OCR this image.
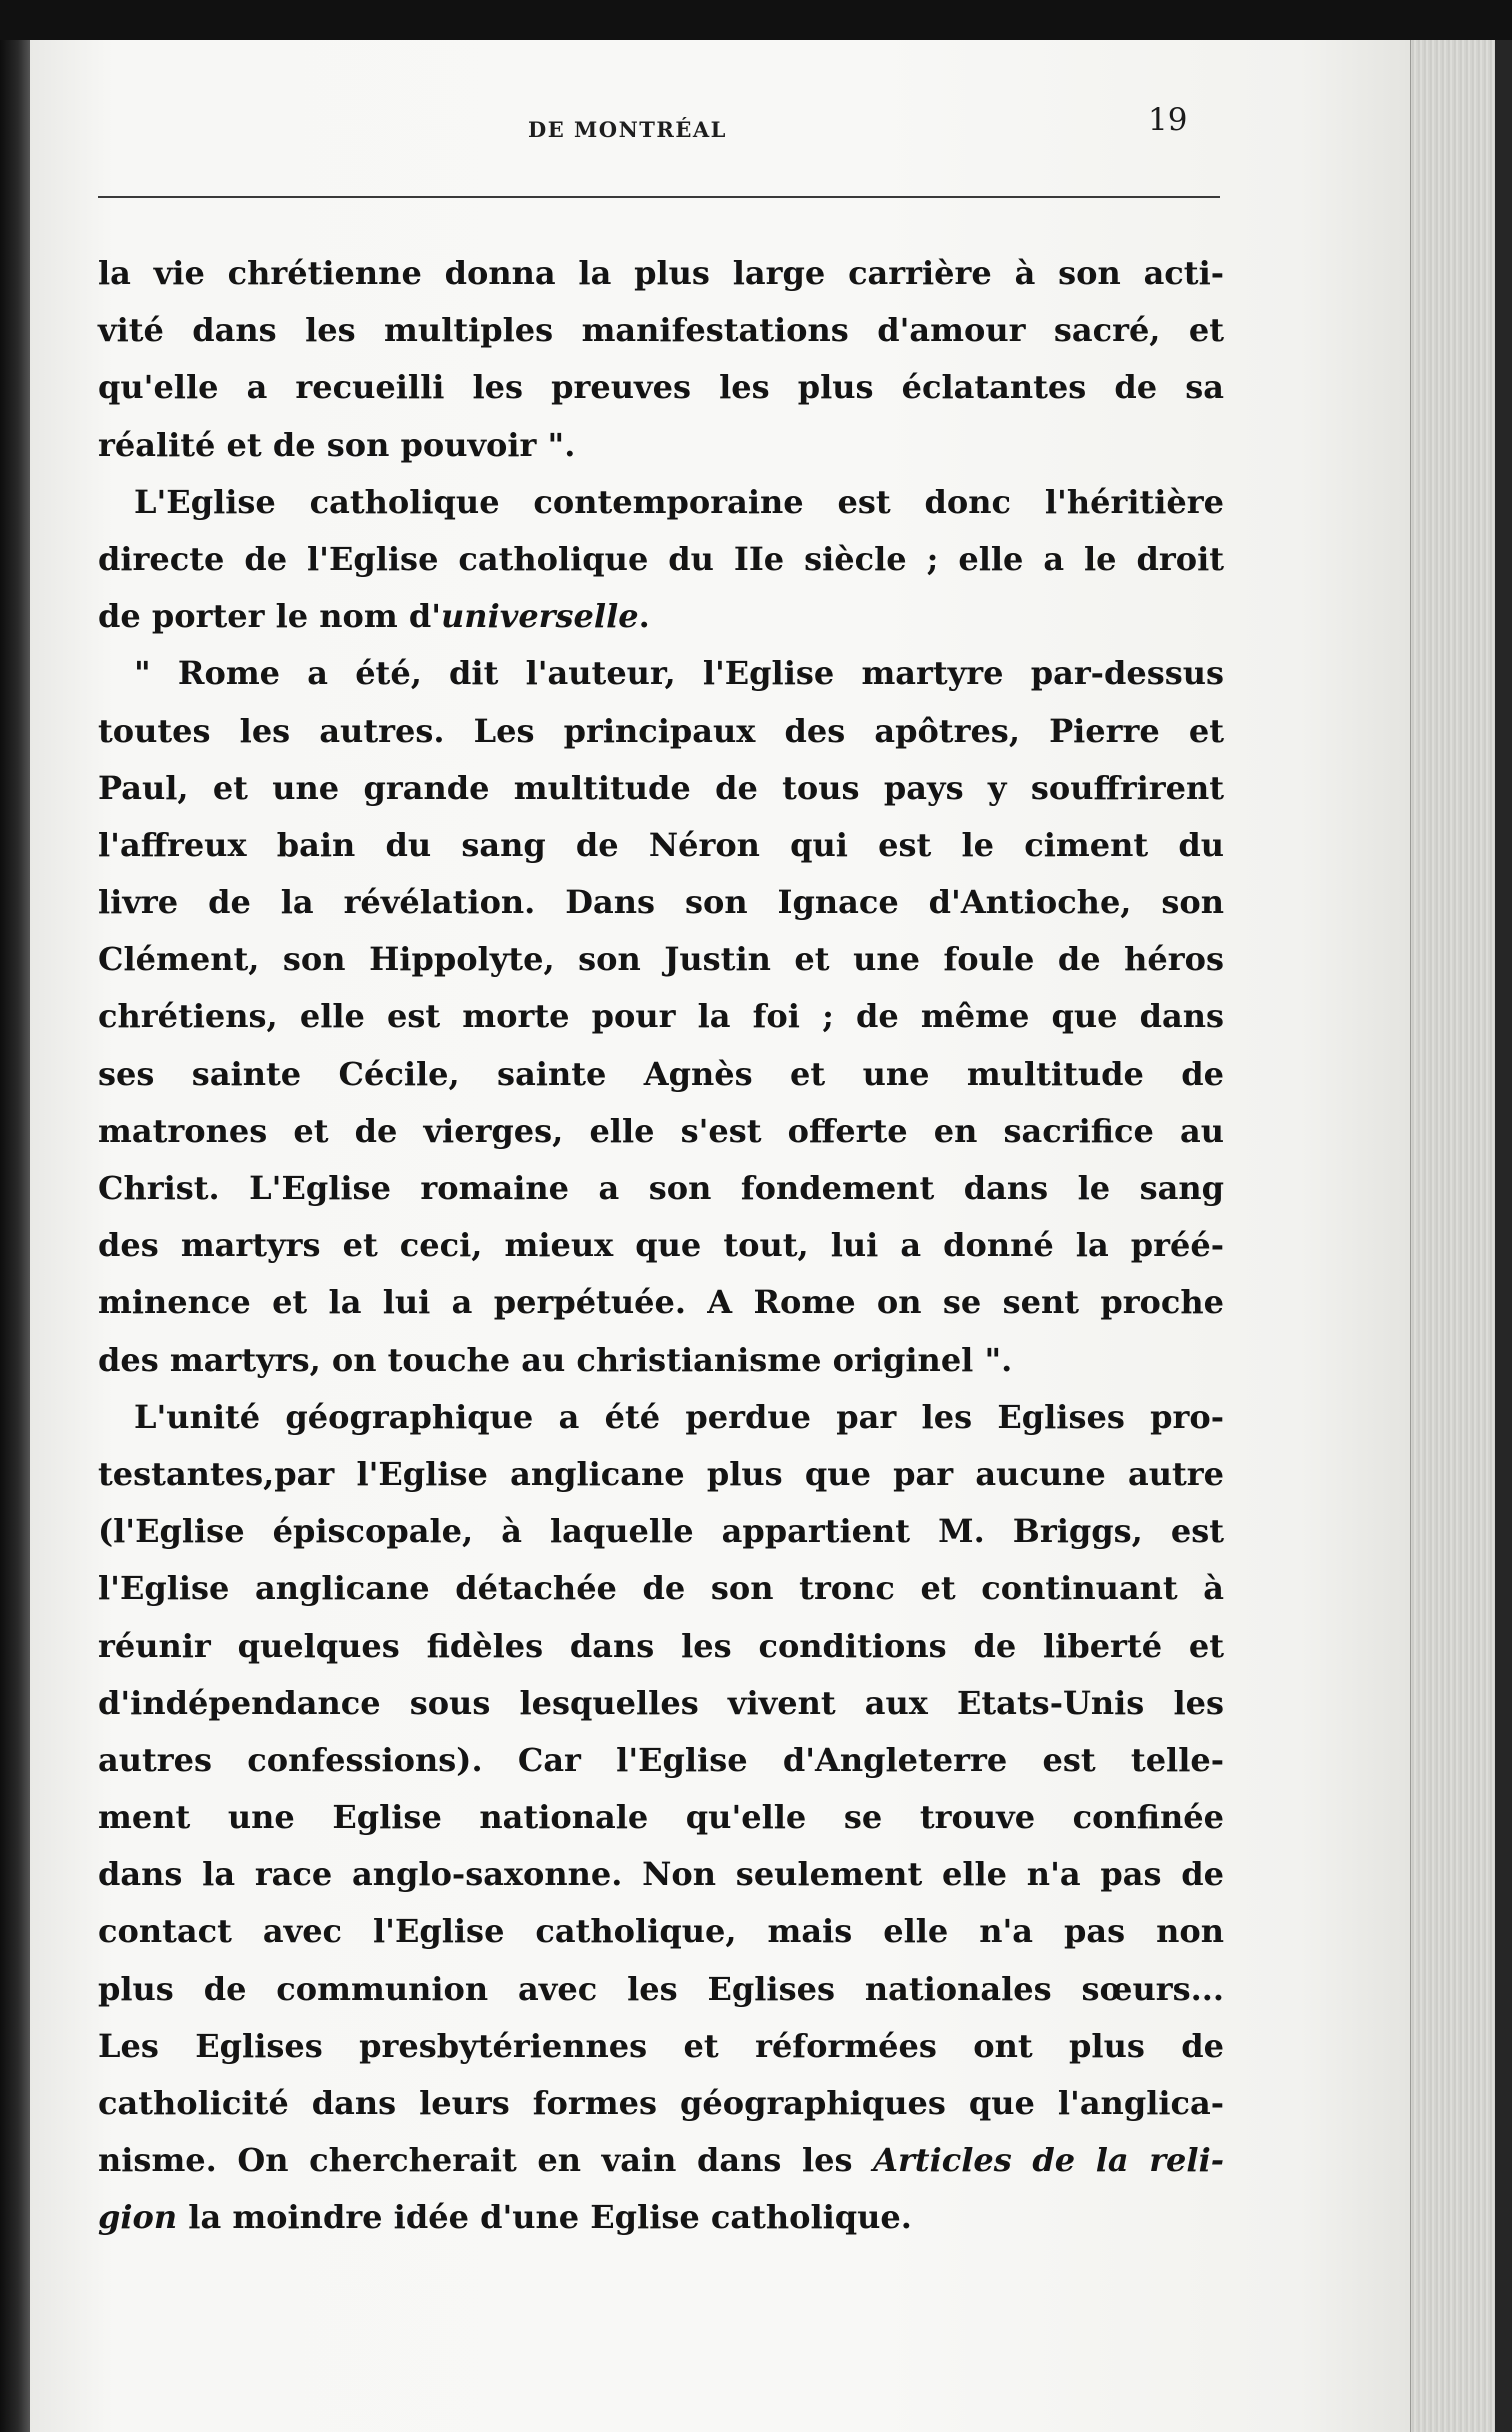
DE MONTRÉAL	19

la vie chrétienne donna la plus large carrière à son acti-
vité dans les multiples manifestations d'amour sacré, et
qu'elle a recueilli les preuves les plus éclatantes de sa
réalité et de son pouvoir ".

L'Eglise catholique contemporaine est donc l'héritière
directe de l'Eglise catholique du IIe siècle ; elle a le droit
de porter le nom d'universelle.

" Rome a été, dit l'auteur, l'Eglise martyre par-dessus
toutes les autres. Les principaux des apôtres, Pierre et
Paul, et une grande multitude de tous pays y souffrirent
l'affreux bain du sang de Néron qui est le ciment du
livre de la révélation. Dans son Ignace d'Antioche, son
Clément, son Hippolyte, son Justin et une foule de héros
chrétiens, elle est morte pour la foi ; de même que dans
ses sainte Cécile, sainte Agnès et une multitude de
matrones et de vierges, elle s'est offerte en sacrifice au
Christ. L'Eglise romaine a son fondement dans le sang
des martyrs et ceci, mieux que tout, lui a donné la préé-
minence et la lui a perpétuée. A Rome on se sent proche
des martyrs, on touche au christianisme originel ".

L'unité géographique a été perdue par les Eglises pro-
testantes,par l'Eglise anglicane plus que par aucune autre
(l'Eglise épiscopale, à laquelle appartient M. Briggs, est
l'Eglise anglicane détachée de son tronc et continuant à
réunir quelques fidèles dans les conditions de liberté et
d'indépendance sous lesquelles vivent aux Etats-Unis les
autres confessions). Car l'Eglise d'Angleterre est telle-
ment une Eglise nationale qu'elle se trouve confinée
dans la race anglo-saxonne. Non seulement elle n'a pas de
contact avec l'Eglise catholique, mais elle n'a pas non
plus de communion avec les Eglises nationales sœurs...
Les Eglises presbytériennes et réformées ont plus de
catholicité dans leurs formes géographiques que l'anglica-
nisme. On chercherait en vain dans les Articles de la reli-
gion la moindre idée d'une Eglise catholique.
